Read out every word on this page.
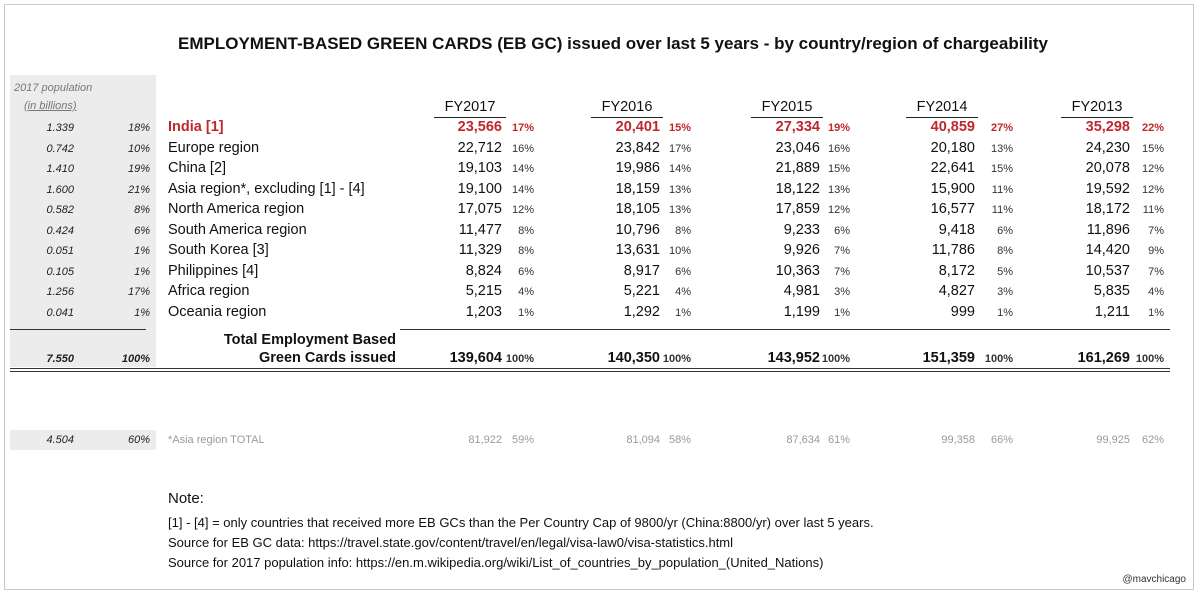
EMPLOYMENT-BASED GREEN CARDS (EB GC) issued over last 5 years - by country/region of chargeability
2017 population
(in billions)	FY2017	FY2016	FY2015	FY2014	FY2013
1.339	18% India [1]	23,566 17%	20,401 15%	27,334 19%	40,859	27%	35,298	22%
0.742	10% Europe region	22,712 16%	23,842 17%	23,046 16%	20,180	13%	24,230	15%
1.410	19% China [2]	19,103 14%	19,986 14%	21,889 15%	22,641	15%	20,078	12%
1.600	21% Asia region*, excluding [1] - [4]	19,100 14%	18,159 13%	18,122 13%	15,900	11%	19,592	12%
0.582	8% North America region	17,075 12%	18,105 13%	17,859 12%	16,577	11%	18,172	11%
0.424	6% South America region	11,477	8%	10,796	8%	9,233	6%	9,418	6%	11,896	7%
0.051	1% South Korea [3]	11,329	8%	13,631 10%	9,926	7%	11,786	8%	14,420	9%
0.105	1% Philippines [4]	8,824	6%	8,917	6%	10,363	7%	8,172	5%	10,537	7%
1.256	17% Africa region	5,215	4%	5,221	4%	4,981	3%	4,827	3%	5,835	4%
0.041	1% Oceania region	1,203	1%	1,292	1%	1,199	1%	999	1%	1,211	1%
Total Employment Based
Green Cards issued
7.550	100%	139,604 100%	140,350 100%	143,952 100%	151,359 100%	161,269 100%
4.504	60% *Asia region TOTAL	81,922 59%	81,094 58%	87,634 61%	99,358	66%	99,925	62%
Note:
[1] - [4] = only countries that received more EB GCs than the Per Country Cap of 9800/yr (China:8800/yr) over last 5 years.
Source for EB GC data: https://travel.state.gov/content/travel/en/legal/visa-law0/visa-statistics.html
Source for 2017 population info: https://en.m.wikipedia.org/wiki/List_of_countries_by_population_(United_Nations)
@mavchicago
